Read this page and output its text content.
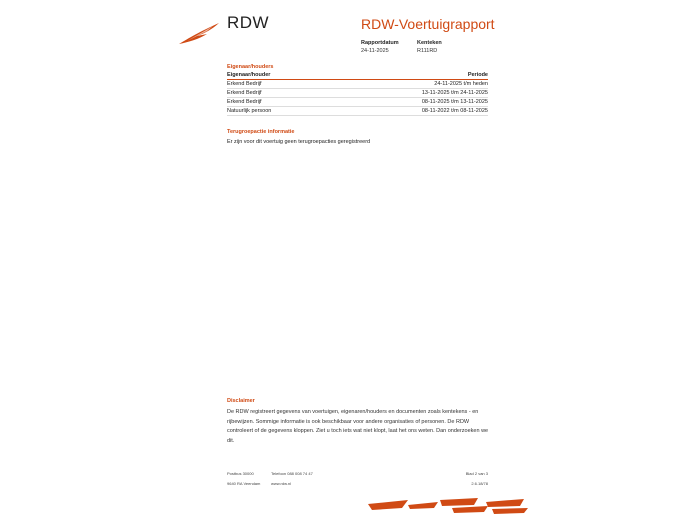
RDW	RDW-Voertuigrapport
Rapportdatum
24-11-2025
Kenteken
R111RD
Eigenaar/houders
Eigenaar/houder	Periode
Erkend Bedrijf	24-11-2025 t/m heden
Erkend Bedrijf	13-11-2025 t/m 24-11-2025
Erkend Bedrijf	08-11-2025 t/m 13-11-2025
Natuurlijk persoon	08-11-2022 t/m 08-11-2025
Terugroepactie informatie
Er zijn voor dit voertuig geen terugroepacties geregistreerd
Disclaimer
De RDW registreert gegevens van voertuigen, eigenaren/houders en documenten zoals kentekens - en rijbewijzen. Sommige informatie is ook beschikbaar voor andere organisaties of personen. De RDW controleert of de gegevens kloppen. Ziet u toch iets wat niet klopt, laat het ons weten. Dan onderzoeken we dit.
Postbus 30000
9640 RA Veendam
Telefoon 088 008 74 47
www.rdw.nl
Blad 2 van 3
2.6.18/78
